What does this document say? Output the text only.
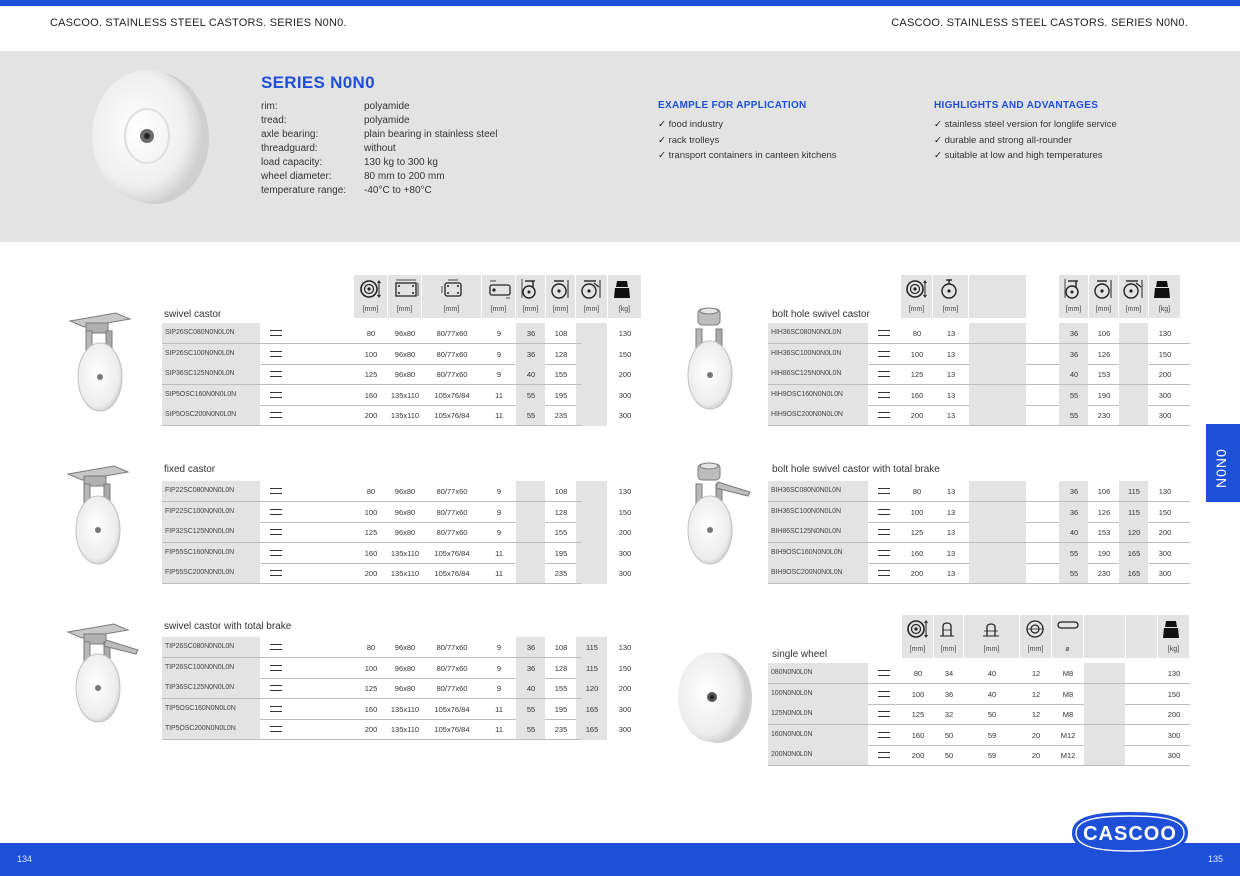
CASCOO. STAINLESS STEEL CASTORS. SERIES N0N0.	CASCOO. STAINLESS STEEL CASTORS. SERIES N0N0.
SERIES N0N0
rim:	polyamide
tread:	polyamide
axle bearing:	plain bearing in stainless steel
threadguard:	without
load capacity:	130 kg to 300 kg
wheel diameter:	80 mm to 200 mm
temperature range:	-40°C to +80°C
EXAMPLE FOR APPLICATION
✓ food industry
✓ rack trolleys
✓ transport containers in canteen kitchens
HIGHLIGHTS AND ADVANTAGES
✓ stainless steel version for longlife service
✓ durable and strong all-rounder
✓ suitable at low and high temperatures
swivel castor	[mm]	[mm]	[mm]	[mm]	[mm]	[mm]	[mm]	[kg]
SIP26SC080N0N0L0N	80	96x80	80/77x60	9	36	108	130
SIP26SC100N0N0L0N	100	96x80	80/77x60	9	36	128	150
SIP36SC125N0N0L0N	125	96x80	80/77x60	9	40	155	200
SIP5OSC160N0N0L0N	160	135x110	105x76/84	11	55	195	300
SIP5OSC200N0N0L0N	200	135x110	105x76/84	11	55	235	300
fixed castor
FIP22SC080N0N0L0N	80	96x80	80/77x60	9	108	130
FIP22SC100N0N0L0N	100	96x80	80/77x60	9	128	150
FIP32SC125N0N0L0N	125	96x80	80/77x60	9	155	200
FIP55SC160N0N0L0N	160	135x110	105x76/84	11	195	300
FIP55SC200N0N0L0N	200	135x110	105x76/84	11	235	300
swivel castor with total brake
TIP26SC080N0N0L0N	80	96x80	80/77x60	9	36	108	115	130
TIP26SC100N0N0L0N	100	96x80	80/77x60	9	36	128	115	150
TIP36SC125N0N0L0N	125	96x80	80/77x60	9	40	155	120	200
TIP5OSC160N0N0L0N	160	135x110	105x76/84	11	55	195	165	300
TIP5OSC200N0N0L0N	200	135x110	105x76/84	11	55	235	165	300
bolt hole swivel castor	[mm]	[mm]	[mm]	[mm]	[mm]	[kg]
HIH36SC080N0N0L0N	80	13	36	106	130
HIH36SC100N0N0L0N	100	13	36	126	150
HIH86SC125N0N0L0N	125	13	40	153	200
HIH9OSC160N0N0L0N	160	13	55	190	300
HIH9OSC200N0N0L0N	200	13	55	230	300
bolt hole swivel castor with total brake
BIH36SC080N0N0L0N	80	13	36	106	115	130
BIH36SC100N0N0L0N	100	13	36	126	115	150
BIH86SC125N0N0L0N	125	13	40	153	120	200
BIH9OSC160N0N0L0N	160	13	55	190	165	300
BIH9OSC200N0N0L0N	200	13	55	230	165	300
single wheel	[mm]	[mm]	[mm]	[mm]	ø	[kg]
080N0N0L0N	80	34	40	12	M8	130
100N0N0L0N	100	36	40	12	M8	150
125N0N0L0N	125	32	50	12	M8	200
160N0N0L0N	160	50	59	20	M12	300
200N0N0L0N	200	50	59	20	M12	300
N0N0
134	135
CASCOO
